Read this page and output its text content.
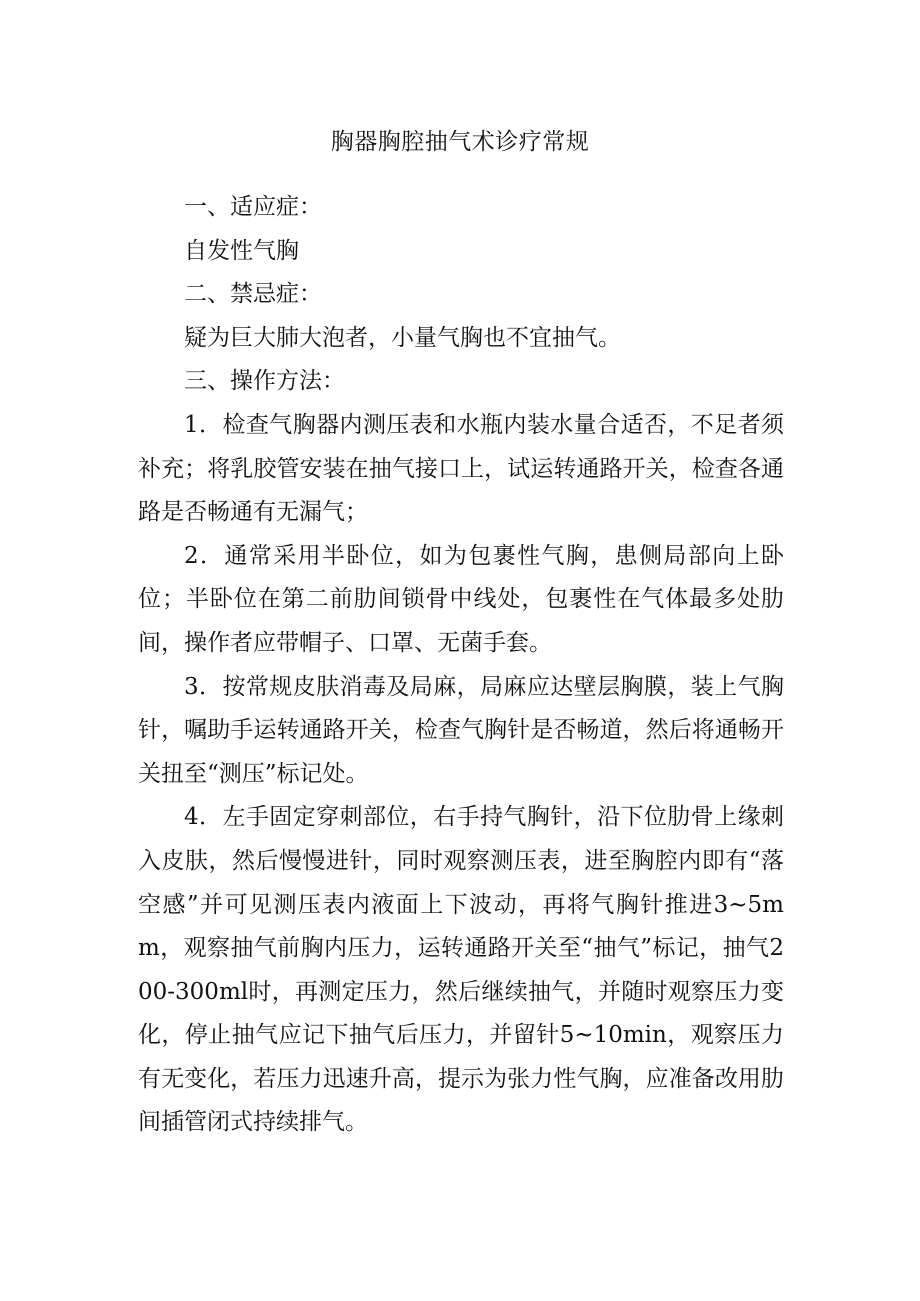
胸器胸腔抽气术诊疗常规

一、适应症：

自发性气胸

二、禁忌症：

疑为巨大肺大泡者，小量气胸也不宜抽气。

三、操作方法：

1．检查气胸器内测压表和水瓶内装水量合适否，不足者须补充；将乳胶管安装在抽气接口上，试运转通路开关，检查各通路是否畅通有无漏气；

2．通常采用半卧位，如为包裹性气胸，患侧局部向上卧位；半卧位在第二前肋间锁骨中线处，包裹性在气体最多处肋间，操作者应带帽子、口罩、无菌手套。

3．按常规皮肤消毒及局麻，局麻应达壁层胸膜，装上气胸针，嘱助手运转通路开关，检查气胸针是否畅道，然后将通畅开关扭至“测压”标记处。

4．左手固定穿刺部位，右手持气胸针，沿下位肋骨上缘刺入皮肤，然后慢慢进针，同时观察测压表，进至胸腔内即有“落空感”并可见测压表内液面上下波动，再将气胸针推进3~5mm，观察抽气前胸内压力，运转通路开关至“抽气”标记，抽气200-300ml时，再测定压力，然后继续抽气，并随时观察压力变化，停止抽气应记下抽气后压力，并留针5~10min，观察压力有无变化，若压力迅速升高，提示为张力性气胸，应准备改用肋间插管闭式持续排气。
